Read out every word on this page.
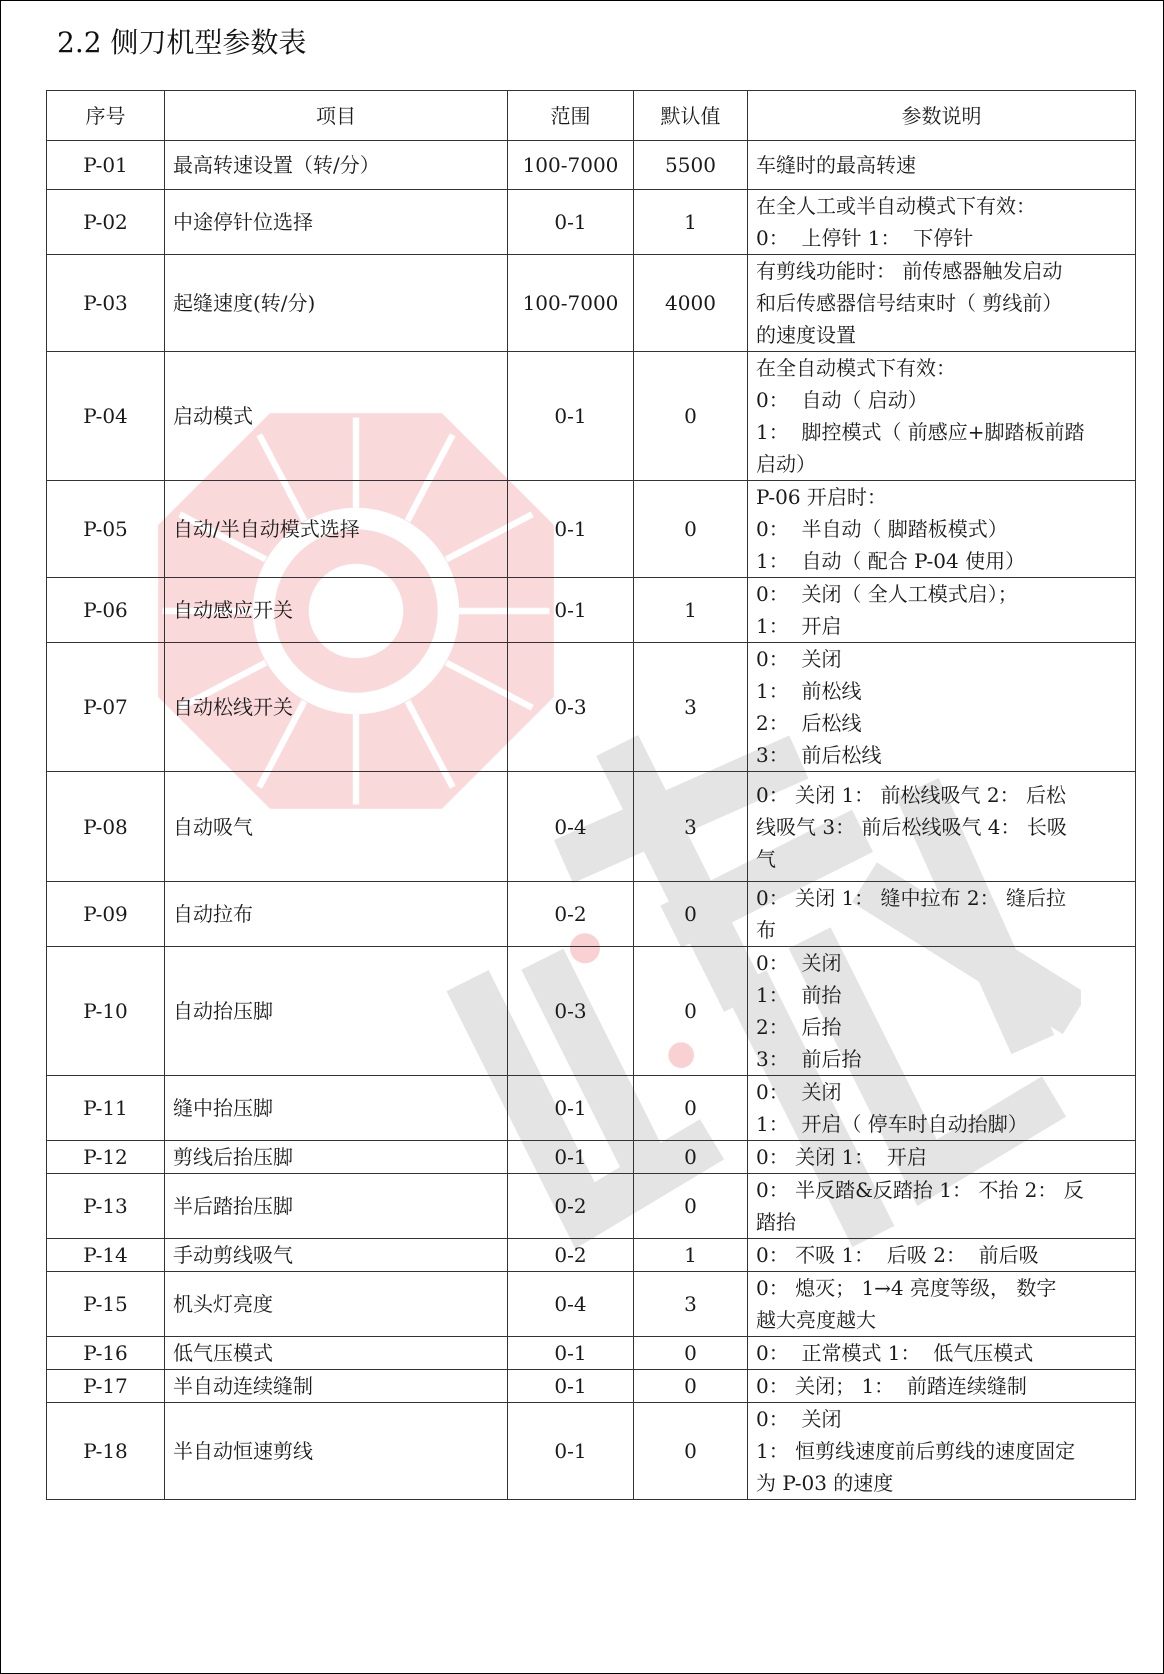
2.2 侧刀机型参数表
序号	项目	范围	默认值	参数说明
P-01	最高转速设置（转/分）	100-7000	5500	车缝时的最高转速

P-02	中途停针位选择	0-1	1	在全人工或半自动模式下有效：
0：  上停针 1：  下停针

P-03	起缝速度(转/分)	100-7000	4000	有剪线功能时： 前传感器触发启动
和后传感器信号结束时（ 剪线前）
的速度设置

P-04	启动模式	0-1	0	在全自动模式下有效：
0：  自动（ 启动）
1：  脚控模式（ 前感应+脚踏板前踏
启动）

P-05	自动/半自动模式选择	0-1	0	P-06 开启时：
0：  半自动（ 脚踏板模式）
1：  自动（ 配合 P-04 使用）

P-06	自动感应开关	0-1	1	0：  关闭（ 全人工模式启）；
1：  开启

P-07	自动松线开关	0-3	3	0：  关闭
1：  前松线
2：  后松线
3：  前后松线

P-08	自动吸气	0-4	3	0： 关闭 1： 前松线吸气 2： 后松
线吸气 3： 前后松线吸气 4： 长吸
气

P-09	自动拉布	0-2	0	0： 关闭 1： 缝中拉布 2： 缝后拉
布

P-10	自动抬压脚	0-3	0	0：  关闭
1：  前抬
2：  后抬
3：  前后抬

P-11	缝中抬压脚	0-1	0	0：  关闭
1：  开启（ 停车时自动抬脚）

P-12	剪线后抬压脚	0-1	0	0： 关闭 1：  开启

P-13	半后踏抬压脚	0-2	0	0： 半反踏&反踏抬 1： 不抬 2： 反
踏抬

P-14	手动剪线吸气	0-2	1	0： 不吸 1：  后吸 2：  前后吸

P-15	机头灯亮度	0-4	3	0： 熄灭； 1→4 亮度等级， 数字
越大亮度越大

P-16	低气压模式	0-1	0	0：  正常模式 1：  低气压模式

P-17	半自动连续缝制	0-1	0	0： 关闭； 1：  前踏连续缝制

P-18	半自动恒速剪线	0-1	0	0：  关闭
1： 恒剪线速度前后剪线的速度固定
为 P-03 的速度
